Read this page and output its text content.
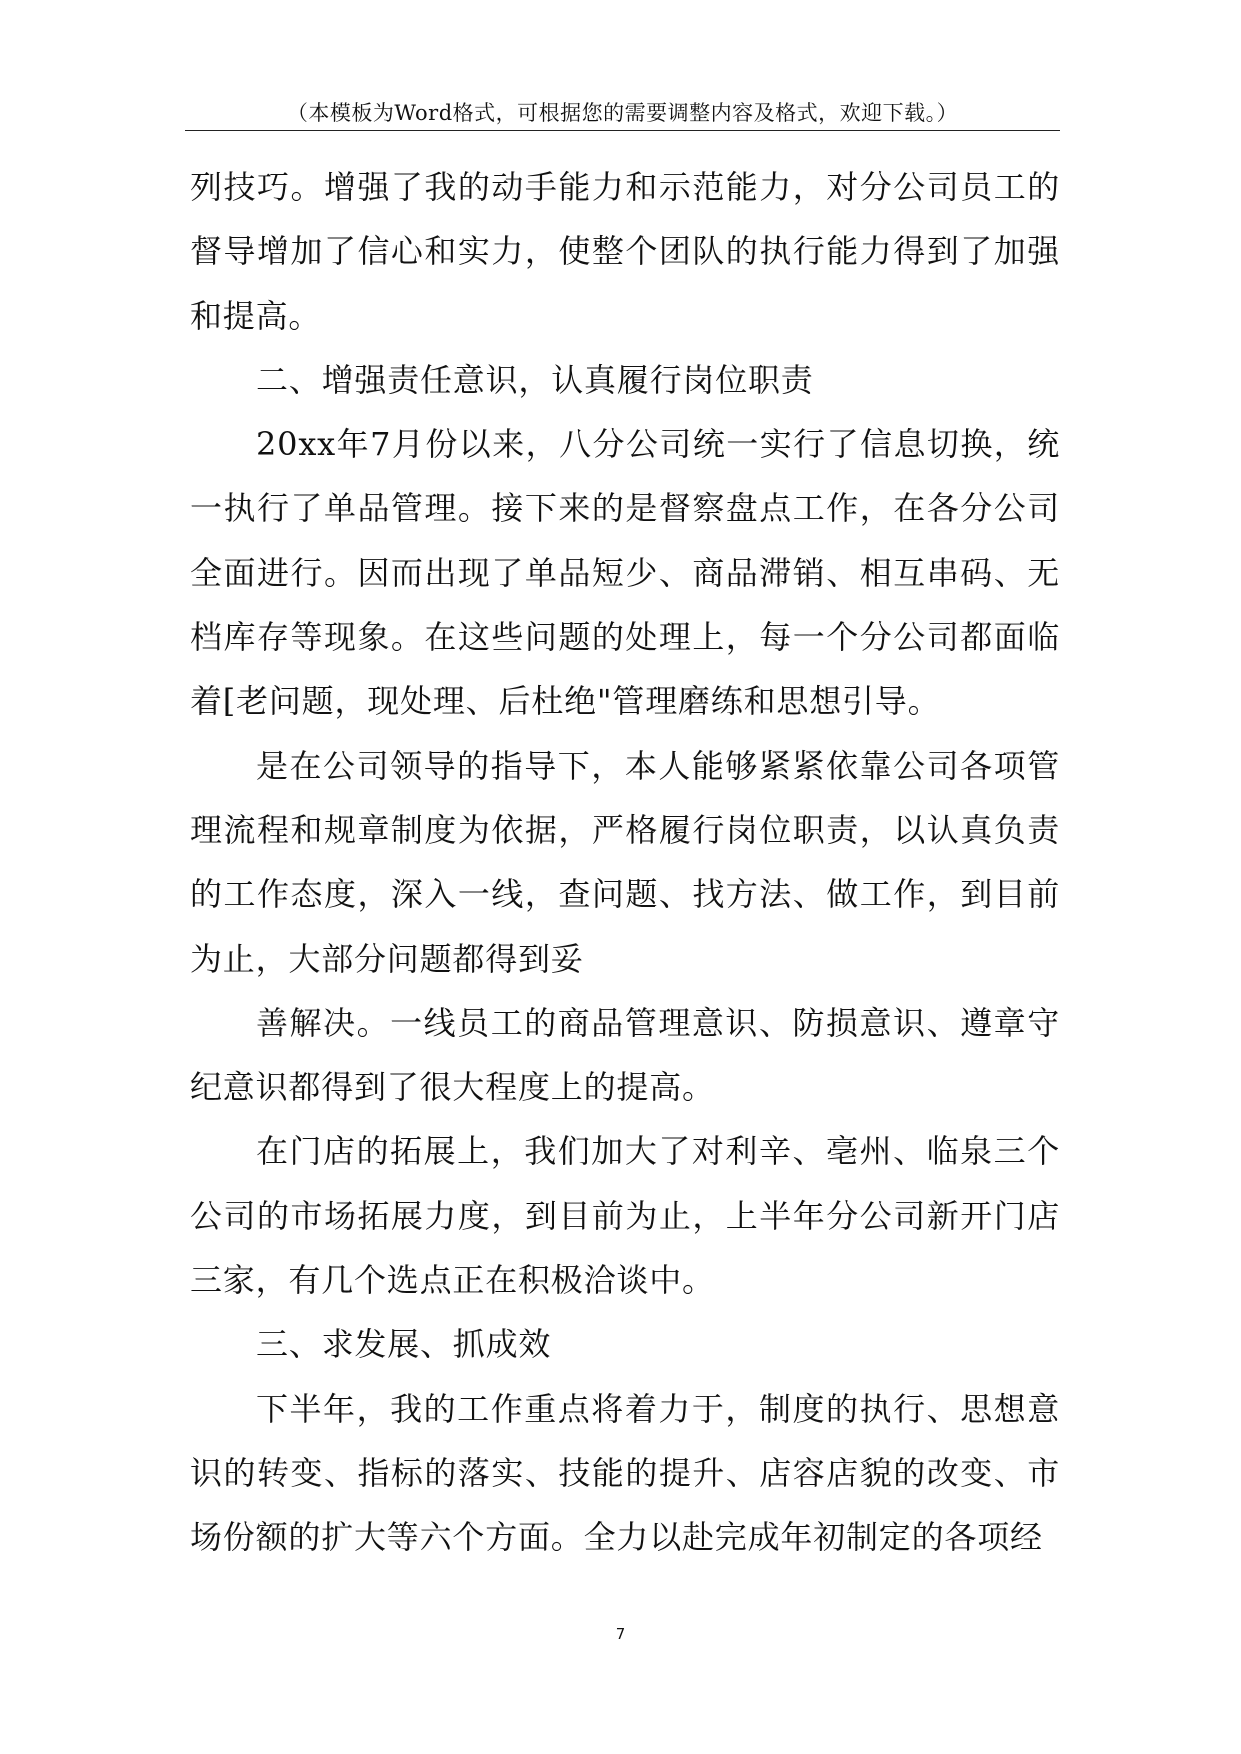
（本模板为Word格式，可根据您的需要调整内容及格式，欢迎下载。）

列技巧。增强了我的动手能力和示范能力，对分公司员工的督导增加了信心和实力，使整个团队的执行能力得到了加强和提高。

二、增强责任意识，认真履行岗位职责

20xx年7月份以来，八分公司统一实行了信息切换，统一执行了单品管理。接下来的是督察盘点工作，在各分公司全面进行。因而出现了单品短少、商品滞销、相互串码、无档库存等现象。在这些问题的处理上，每一个分公司都面临着[老问题，现处理、后杜绝"管理磨练和思想引导。

是在公司领导的指导下，本人能够紧紧依靠公司各项管理流程和规章制度为依据，严格履行岗位职责，以认真负责的工作态度，深入一线，查问题、找方法、做工作，到目前为止，大部分问题都得到妥

善解决。一线员工的商品管理意识、防损意识、遵章守纪意识都得到了很大程度上的提高。

在门店的拓展上，我们加大了对利辛、亳州、临泉三个公司的市场拓展力度，到目前为止，上半年分公司新开门店三家，有几个选点正在积极洽谈中。

三、求发展、抓成效

下半年，我的工作重点将着力于，制度的执行、思想意识的转变、指标的落实、技能的提升、店容店貌的改变、市场份额的扩大等六个方面。全力以赴完成年初制定的各项经

7
